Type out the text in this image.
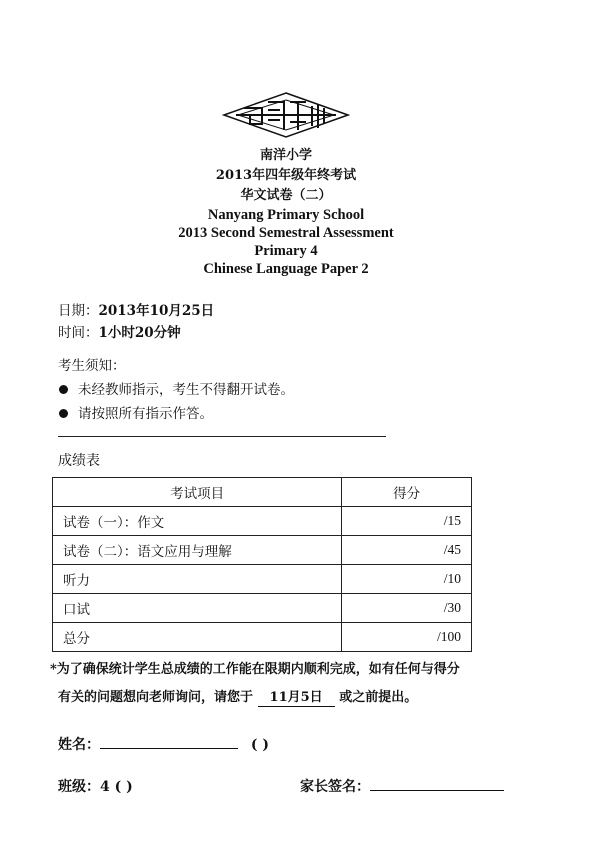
南洋小学
2013年四年级年终考试
华文试卷（二）
Nanyang Primary School
2013 Second Semestral Assessment
Primary 4
Chinese Language Paper 2
日期：2013年10月25日
时间：1小时20分钟
考生须知：
未经教师指示，考生不得翻开试卷。
请按照所有指示作答。
成绩表
考试项目	得分
试卷（一）：作文	/15
试卷（二）：语文应用与理解	/45
听力	/10
口试	/30
总分	/100
*为了确保统计学生总成绩的工作能在限期内顺利完成，如有任何与得分
有关的问题想向老师询问，请您于 11月5日 或之前提出。
姓名：	( )
班级：4 ( )	家长签名：
